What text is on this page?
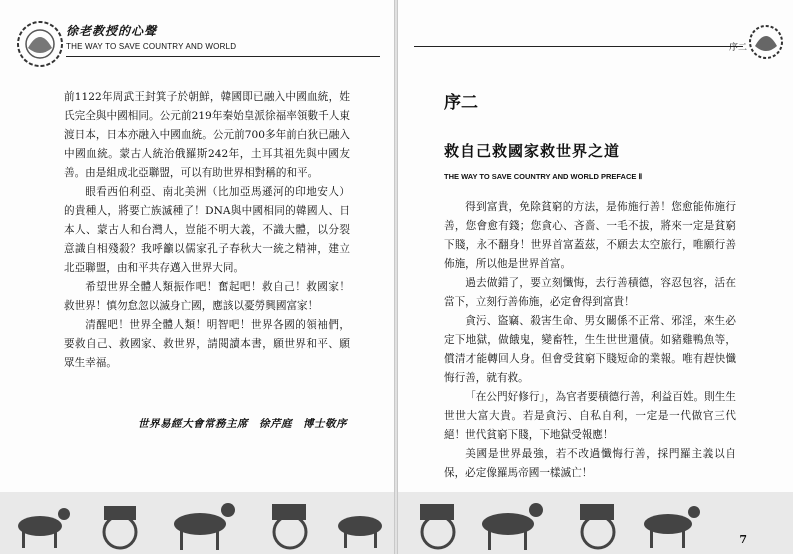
徐老教授的心聲
THE WAY TO SAVE COUNTRY AND WORLD

前1122年周武王封箕子於朝鮮，韓國即已融入中國血統，姓氏完全與中國相同。公元前219年秦始皇派徐福率領數千人東渡日本，日本亦融入中國血統。公元前700多年前白狄已融入中國血統。蒙古人統治俄羅斯242年，土耳其祖先與中國友善。由是組成北亞聯盟，可以有助世界相對稱的和平。

眼看西伯利亞、南北美洲（比加亞馬遜河的印地安人）的貴種人，將要亡族滅種了！DNA與中國相同的韓國人、日本人、蒙古人和台灣人，豈能不明大義，不識大體，以分裂意識自相殘殺？我呼籲以儒家孔子春秋大一統之精神，建立北亞聯盟，由和平共存邁入世界大同。

希望世界全體人類振作吧！奮起吧！救自己！救國家！救世界！慎勿怠忽以滅身亡國，應該以憂勞興國富家！

清醒吧！世界全體人類！明智吧！世界各國的領袖們，要救自己、救國家、救世界，請閱讀本書，願世界和平、願眾生幸福。

世界易經大會常務主席　徐芹庭　博士敬序
序二
序二
救自己救國家救世界之道
THE WAY TO SAVE COUNTRY AND WORLD PREFACE Ⅱ

得到富貴，免除貧窮的方法，是佈施行善！您愈能佈施行善，您會愈有錢；您貪心、吝嗇、一毛不拔，將來一定是貧窮下賤，永不翻身！世界首富蓋茲，不願去太空旅行，唯願行善佈施，所以他是世界首富。

過去做錯了，要立刻懺悔，去行善積德，容忍包容，活在當下，立刻行善佈施，必定會得到富貴！

貪污、盜竊、殺害生命、男女關係不正常、邪淫，來生必定下地獄，做餓鬼，變畜牲，生生世世還債。如豬雞鴨魚等，償清才能轉回人身。但會受貧窮下賤短命的業報。唯有趕快懺悔行善，就有救。

「在公門好修行」，為官者要積德行善，利益百姓。則生生世世大富大貴。若是貪污、自私自利，一定是一代做官三代絕！世代貧窮下賤，下地獄受報應！

美國是世界最強，若不改過懺悔行善，採門羅主義以自保，必定像羅馬帝國一樣滅亡！

7
